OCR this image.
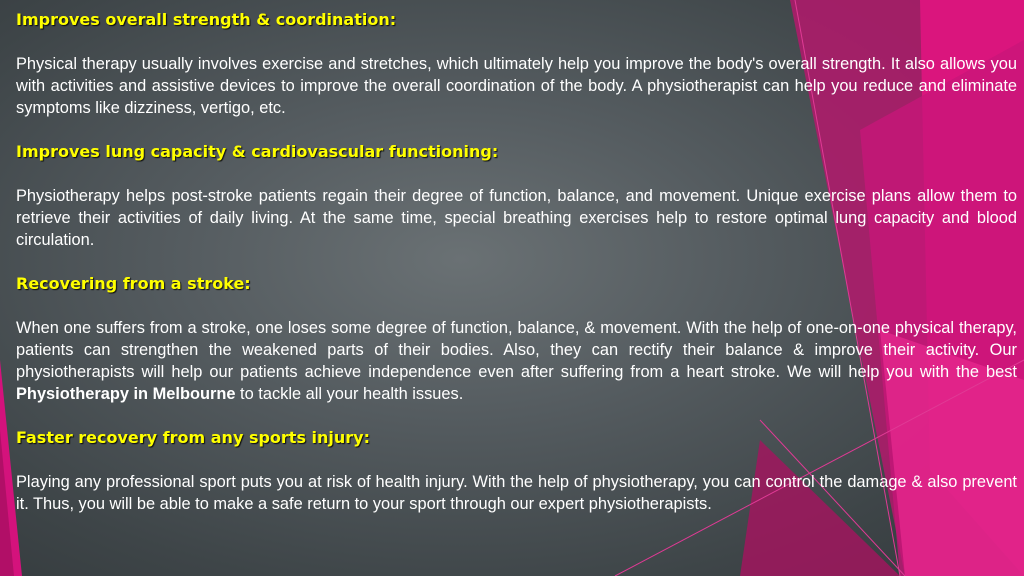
Improves overall strength & coordination:

Physical therapy usually involves exercise and stretches, which ultimately help you improve the body's overall strength. It also allows you with activities and assistive devices to improve the overall coordination of the body. A physiotherapist can help you reduce and eliminate symptoms like dizziness, vertigo, etc.

Improves lung capacity & cardiovascular functioning:

Physiotherapy helps post-stroke patients regain their degree of function, balance, and movement. Unique exercise plans allow them to retrieve their activities of daily living. At the same time, special breathing exercises help to restore optimal lung capacity and blood circulation.

Recovering from a stroke:

When one suffers from a stroke, one loses some degree of function, balance, & movement. With the help of one-on-one physical therapy, patients can strengthen the weakened parts of their bodies. Also, they can rectify their balance & improve their activity. Our physiotherapists will help our patients achieve independence even after suffering from a heart stroke. We will help you with the best Physiotherapy in Melbourne to tackle all your health issues.

Faster recovery from any sports injury:

Playing any professional sport puts you at risk of health injury. With the help of physiotherapy, you can control the damage & also prevent it. Thus, you will be able to make a safe return to your sport through our expert physiotherapists.
